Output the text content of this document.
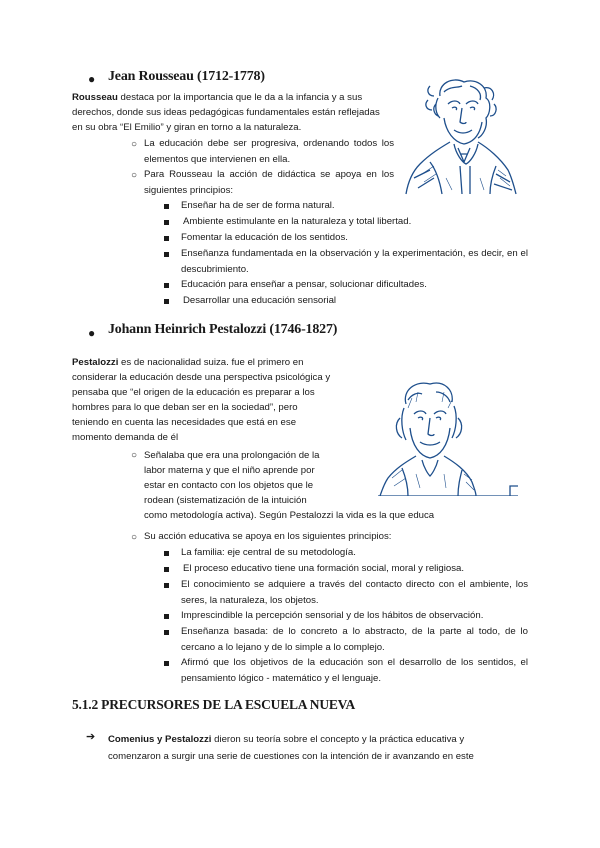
● Jean Rousseau (1712-1778)
Rousseau destaca por la importancia que le da a la infancia y a sus
derechos, donde sus ideas pedagógicas fundamentales están reflejadas
en su obra “El Emilio” y giran en torno a la naturaleza.
○ La educación debe ser progresiva, ordenando todos los elementos que intervienen en ella.
○ Para Rousseau la acción de didáctica se apoya en los siguientes principios:
Enseñar ha de ser de forma natural.
Ambiente estimulante en la naturaleza y total libertad.
Fomentar la educación de los sentidos.
Enseñanza fundamentada en la observación y la experimentación, es decir, en el descubrimiento.
Educación para enseñar a pensar, solucionar dificultades.
Desarrollar una educación sensorial
● Johann Heinrich Pestalozzi (1746-1827)
Pestalozzi es de nacionalidad suiza. fue el primero en
considerar la educación desde una perspectiva psicológica y
pensaba que “el origen de la educación es preparar a los
hombres para lo que deban ser en la sociedad”, pero
teniendo en cuenta las necesidades que está en ese
momento demanda de él
○ Señalaba que era una prolongación de la
labor materna y que el niño aprende por
estar en contacto con los objetos que le
rodean (sistematización de la intuición
como metodología activa). Según Pestalozzi la vida es la que educa
○ Su acción educativa se apoya en los siguientes principios:
La familia: eje central de su metodología.
El proceso educativo tiene una formación social, moral y religiosa.
El conocimiento se adquiere a través del contacto directo con el ambiente, los seres, la naturaleza, los objetos.
Imprescindible la percepción sensorial y de los hábitos de observación.
Enseñanza basada: de lo concreto a lo abstracto, de la parte al todo, de lo cercano a lo lejano y de lo simple a lo complejo.
Afirmó que los objetivos de la educación son el desarrollo de los sentidos, el pensamiento lógico - matemático y el lenguaje.
5.1.2 PRECURSORES DE LA ESCUELA NUEVA
➔ Comenius y Pestalozzi dieron su teoría sobre el concepto y la práctica educativa y
comenzaron a surgir una serie de cuestiones con la intención de ir avanzando en este
